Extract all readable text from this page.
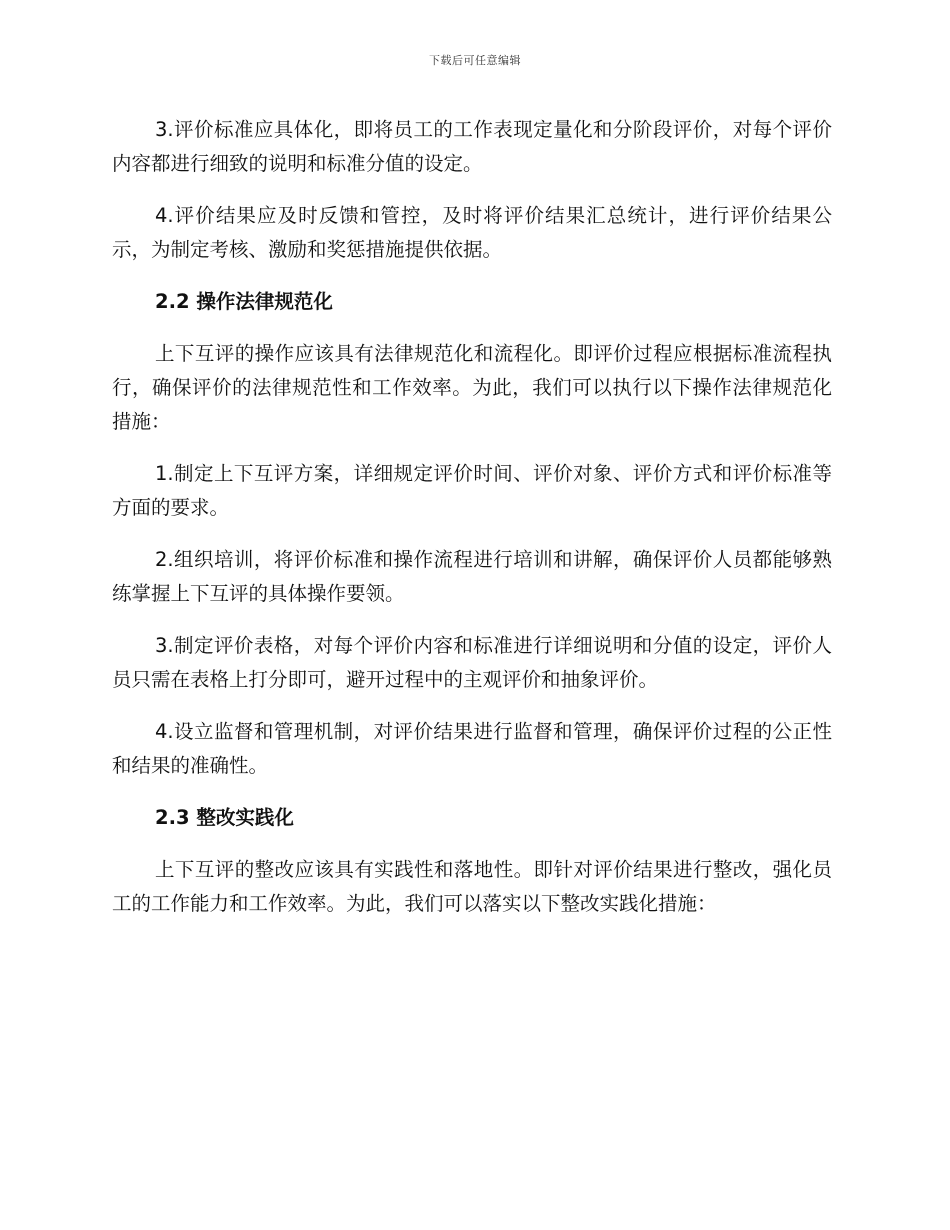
下载后可任意编辑

3.评价标准应具体化，即将员工的工作表现定量化和分阶段评价，对每个评价内容都进行细致的说明和标准分值的设定。

4.评价结果应及时反馈和管控，及时将评价结果汇总统计，进行评价结果公示，为制定考核、激励和奖惩措施提供依据。

2.2 操作法律规范化

上下互评的操作应该具有法律规范化和流程化。即评价过程应根据标准流程执行，确保评价的法律规范性和工作效率。为此，我们可以执行以下操作法律规范化措施：

1.制定上下互评方案，详细规定评价时间、评价对象、评价方式和评价标准等方面的要求。

2.组织培训，将评价标准和操作流程进行培训和讲解，确保评价人员都能够熟练掌握上下互评的具体操作要领。

3.制定评价表格，对每个评价内容和标准进行详细说明和分值的设定，评价人员只需在表格上打分即可，避开过程中的主观评价和抽象评价。

4.设立监督和管理机制，对评价结果进行监督和管理，确保评价过程的公正性和结果的准确性。

2.3 整改实践化

上下互评的整改应该具有实践性和落地性。即针对评价结果进行整改，强化员工的工作能力和工作效率。为此，我们可以落实以下整改实践化措施：
